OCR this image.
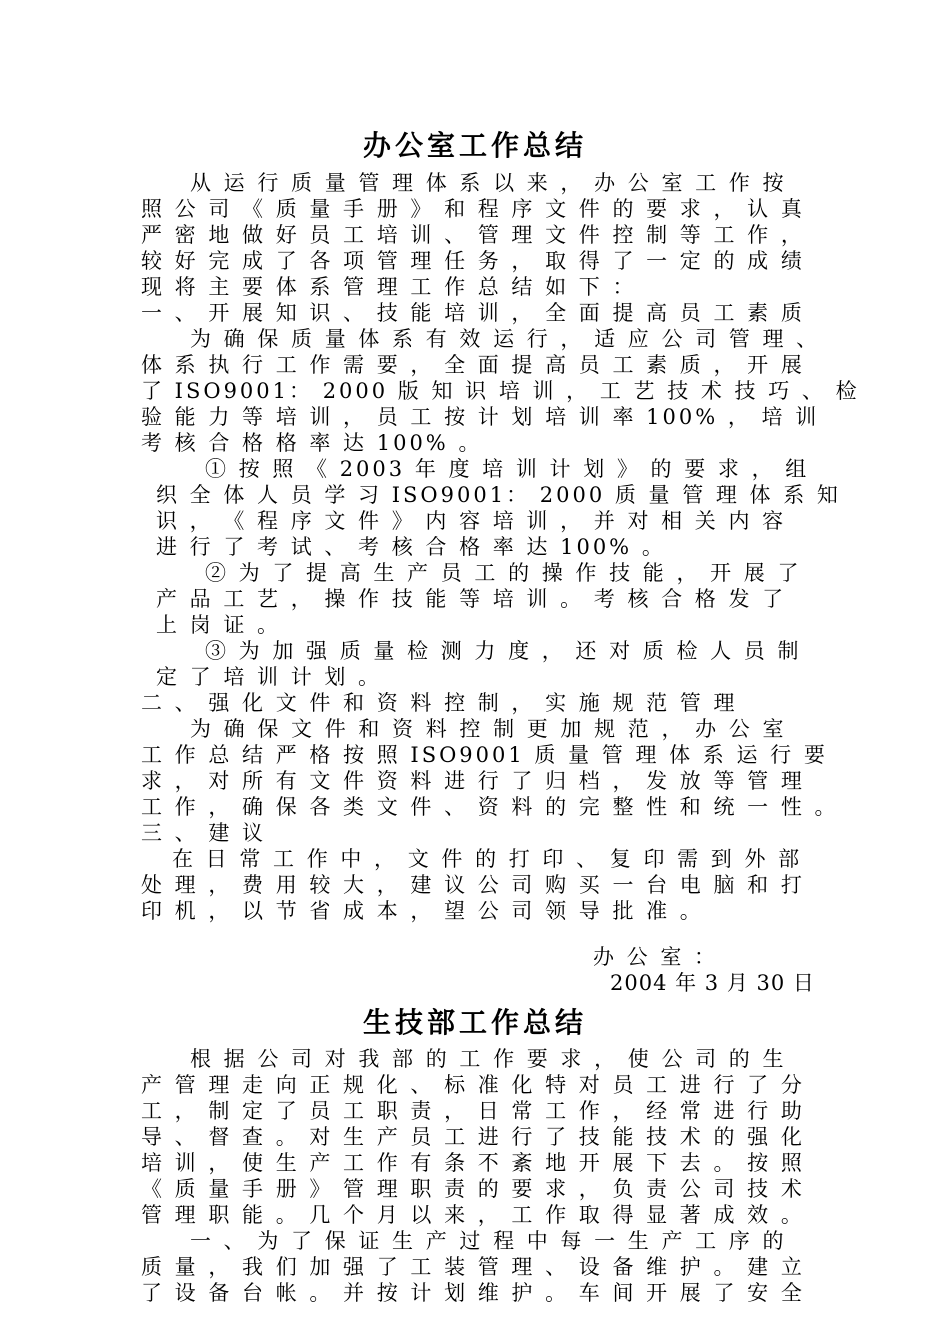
办公室工作总结
从 运 行 质 量 管 理 体 系 以 来 ， 办 公 室 工 作 按
照 公 司 《 质 量 手 册 》 和 程 序 文 件 的 要 求 ， 认 真
严 密 地 做 好 员 工 培 训 、 管 理 文 件 控 制 等 工 作 ，
较 好 完 成 了 各 项 管 理 任 务 ， 取 得 了 一 定 的 成 绩
现 将 主 要 体 系 管 理 工 作 总 结 如 下 ：
一 、 开 展 知 识 、 技 能 培 训 ， 全 面 提 高 员 工 素 质
为 确 保 质 量 体 系 有 效 运 行 ， 适 应 公 司 管 理 、
体 系 执 行 工 作 需 要 ， 全 面 提 高 员 工 素 质 ， 开 展
了 ISO9001： 2000 版 知 识 培 训 ， 工 艺 技 术 技 巧 、 检
验 能 力 等 培 训 ， 员 工 按 计 划 培 训 率 100% ， 培 训
考 核 合 格 格 率 达 100% 。
① 按 照 《 2003 年 度 培 训 计 划 》 的 要 求 ， 组
织 全 体 人 员 学 习 ISO9001： 2000 质 量 管 理 体 系 知
识 ， 《 程 序 文 件 》 内 容 培 训 ， 并 对 相 关 内 容
进 行 了 考 试 、 考 核 合 格 率 达 100% 。
② 为 了 提 高 生 产 员 工 的 操 作 技 能 ， 开 展 了
产 品 工 艺 ， 操 作 技 能 等 培 训 。 考 核 合 格 发 了
上 岗 证 。
③ 为 加 强 质 量 检 测 力 度 ， 还 对 质 检 人 员 制
定 了 培 训 计 划 。
二 、 强 化 文 件 和 资 料 控 制 ， 实 施 规 范 管 理
为 确 保 文 件 和 资 料 控 制 更 加 规 范 ， 办 公 室
工 作 总 结 严 格 按 照 ISO9001 质 量 管 理 体 系 运 行 要
求 ， 对 所 有 文 件 资 料 进 行 了 归 档 ， 发 放 等 管 理
工 作 ， 确 保 各 类 文 件 、 资 料 的 完 整 性 和 统 一 性 。
三 、 建 议
在 日 常 工 作 中 ， 文 件 的 打 印 、 复 印 需 到 外 部
处 理 ， 费 用 较 大 ， 建 议 公 司 购 买 一 台 电 脑 和 打
印 机 ， 以 节 省 成 本 ， 望 公 司 领 导 批 准 。
办 公 室 ：
2004 年 3 月 30 日
生技部工作总结
根 据 公 司 对 我 部 的 工 作 要 求 ， 使 公 司 的 生
产 管 理 走 向 正 规 化 、 标 准 化 特 对 员 工 进 行 了 分
工 ， 制 定 了 员 工 职 责 ， 日 常 工 作 ， 经 常 进 行 助
导 、 督 查 。 对 生 产 员 工 进 行 了 技 能 技 术 的 强 化
培 训 ， 使 生 产 工 作 有 条 不 紊 地 开 展 下 去 。 按 照
《 质 量 手 册 》 管 理 职 责 的 要 求 ， 负 责 公 司 技 术
管 理 职 能 。 几 个 月 以 来 ， 工 作 取 得 显 著 成 效 。
一 、 为 了 保 证 生 产 过 程 中 每 一 生 产 工 序 的
质 量 ， 我 们 加 强 了 工 装 管 理 、 设 备 维 护 。 建 立
了 设 备 台 帐 。 并 按 计 划 维 护 。 车 间 开 展 了 安 全
